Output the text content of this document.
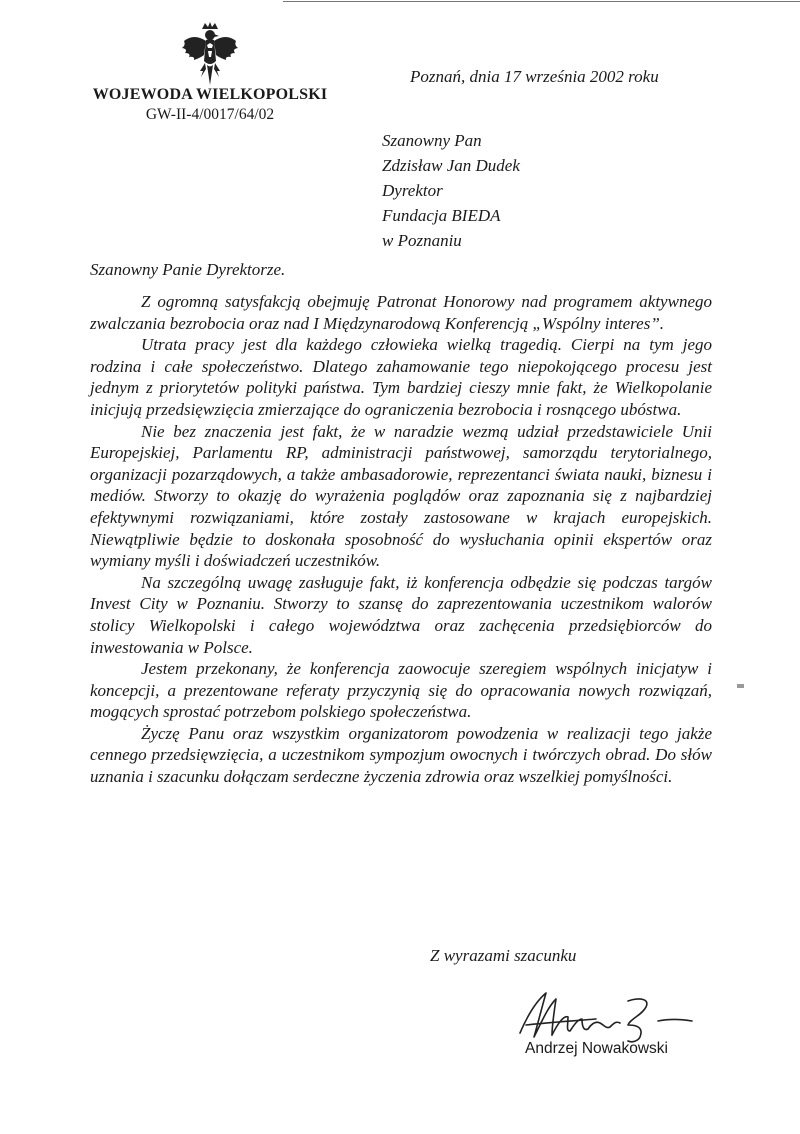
WOJEWODA WIELKOPOLSKI
GW-II-4/0017/64/02
Poznań, dnia 17 września 2002 roku
Szanowny Pan
Zdzisław Jan Dudek
Dyrektor
Fundacja BIEDA
w Poznaniu
Szanowny Panie Dyrektorze.

Z ogromną satysfakcją obejmuję Patronat Honorowy nad programem aktywnego zwalczania bezrobocia oraz nad I Międzynarodową Konferencją „Wspólny interes”.

Utrata pracy jest dla każdego człowieka wielką tragedią. Cierpi na tym jego rodzina i całe społeczeństwo. Dlatego zahamowanie tego niepokojącego procesu jest jednym z priorytetów polityki państwa. Tym bardziej cieszy mnie fakt, że Wielkopolanie inicjują przedsięwzięcia zmierzające do ograniczenia bezrobocia i rosnącego ubóstwa.

Nie bez znaczenia jest fakt, że w naradzie wezmą udział przedstawiciele Unii Europejskiej, Parlamentu RP, administracji państwowej, samorządu terytorialnego, organizacji pozarządowych, a także ambasadorowie, reprezentanci świata nauki, biznesu i mediów. Stworzy to okazję do wyrażenia poglądów oraz zapoznania się z najbardziej efektywnymi rozwiązaniami, które zostały zastosowane w krajach europejskich. Niewątpliwie będzie to doskonała sposobność do wysłuchania opinii ekspertów oraz wymiany myśli i doświadczeń uczestników.

Na szczególną uwagę zasługuje fakt, iż konferencja odbędzie się podczas targów Invest City w Poznaniu. Stworzy to szansę do zaprezentowania uczestnikom walorów stolicy Wielkopolski i całego województwa oraz zachęcenia przedsiębiorców do inwestowania w Polsce.

Jestem przekonany, że konferencja zaowocuje szeregiem wspólnych inicjatyw i koncepcji, a prezentowane referaty przyczynią się do opracowania nowych rozwiązań, mogących sprostać potrzebom polskiego społeczeństwa.

Życzę Panu oraz wszystkim organizatorom powodzenia w realizacji tego jakże cennego przedsięwzięcia, a uczestnikom sympozjum owocnych i twórczych obrad. Do słów uznania i szacunku dołączam serdeczne życzenia zdrowia oraz wszelkiej pomyślności.

Z wyrazami szacunku
Andrzej Nowakowski
